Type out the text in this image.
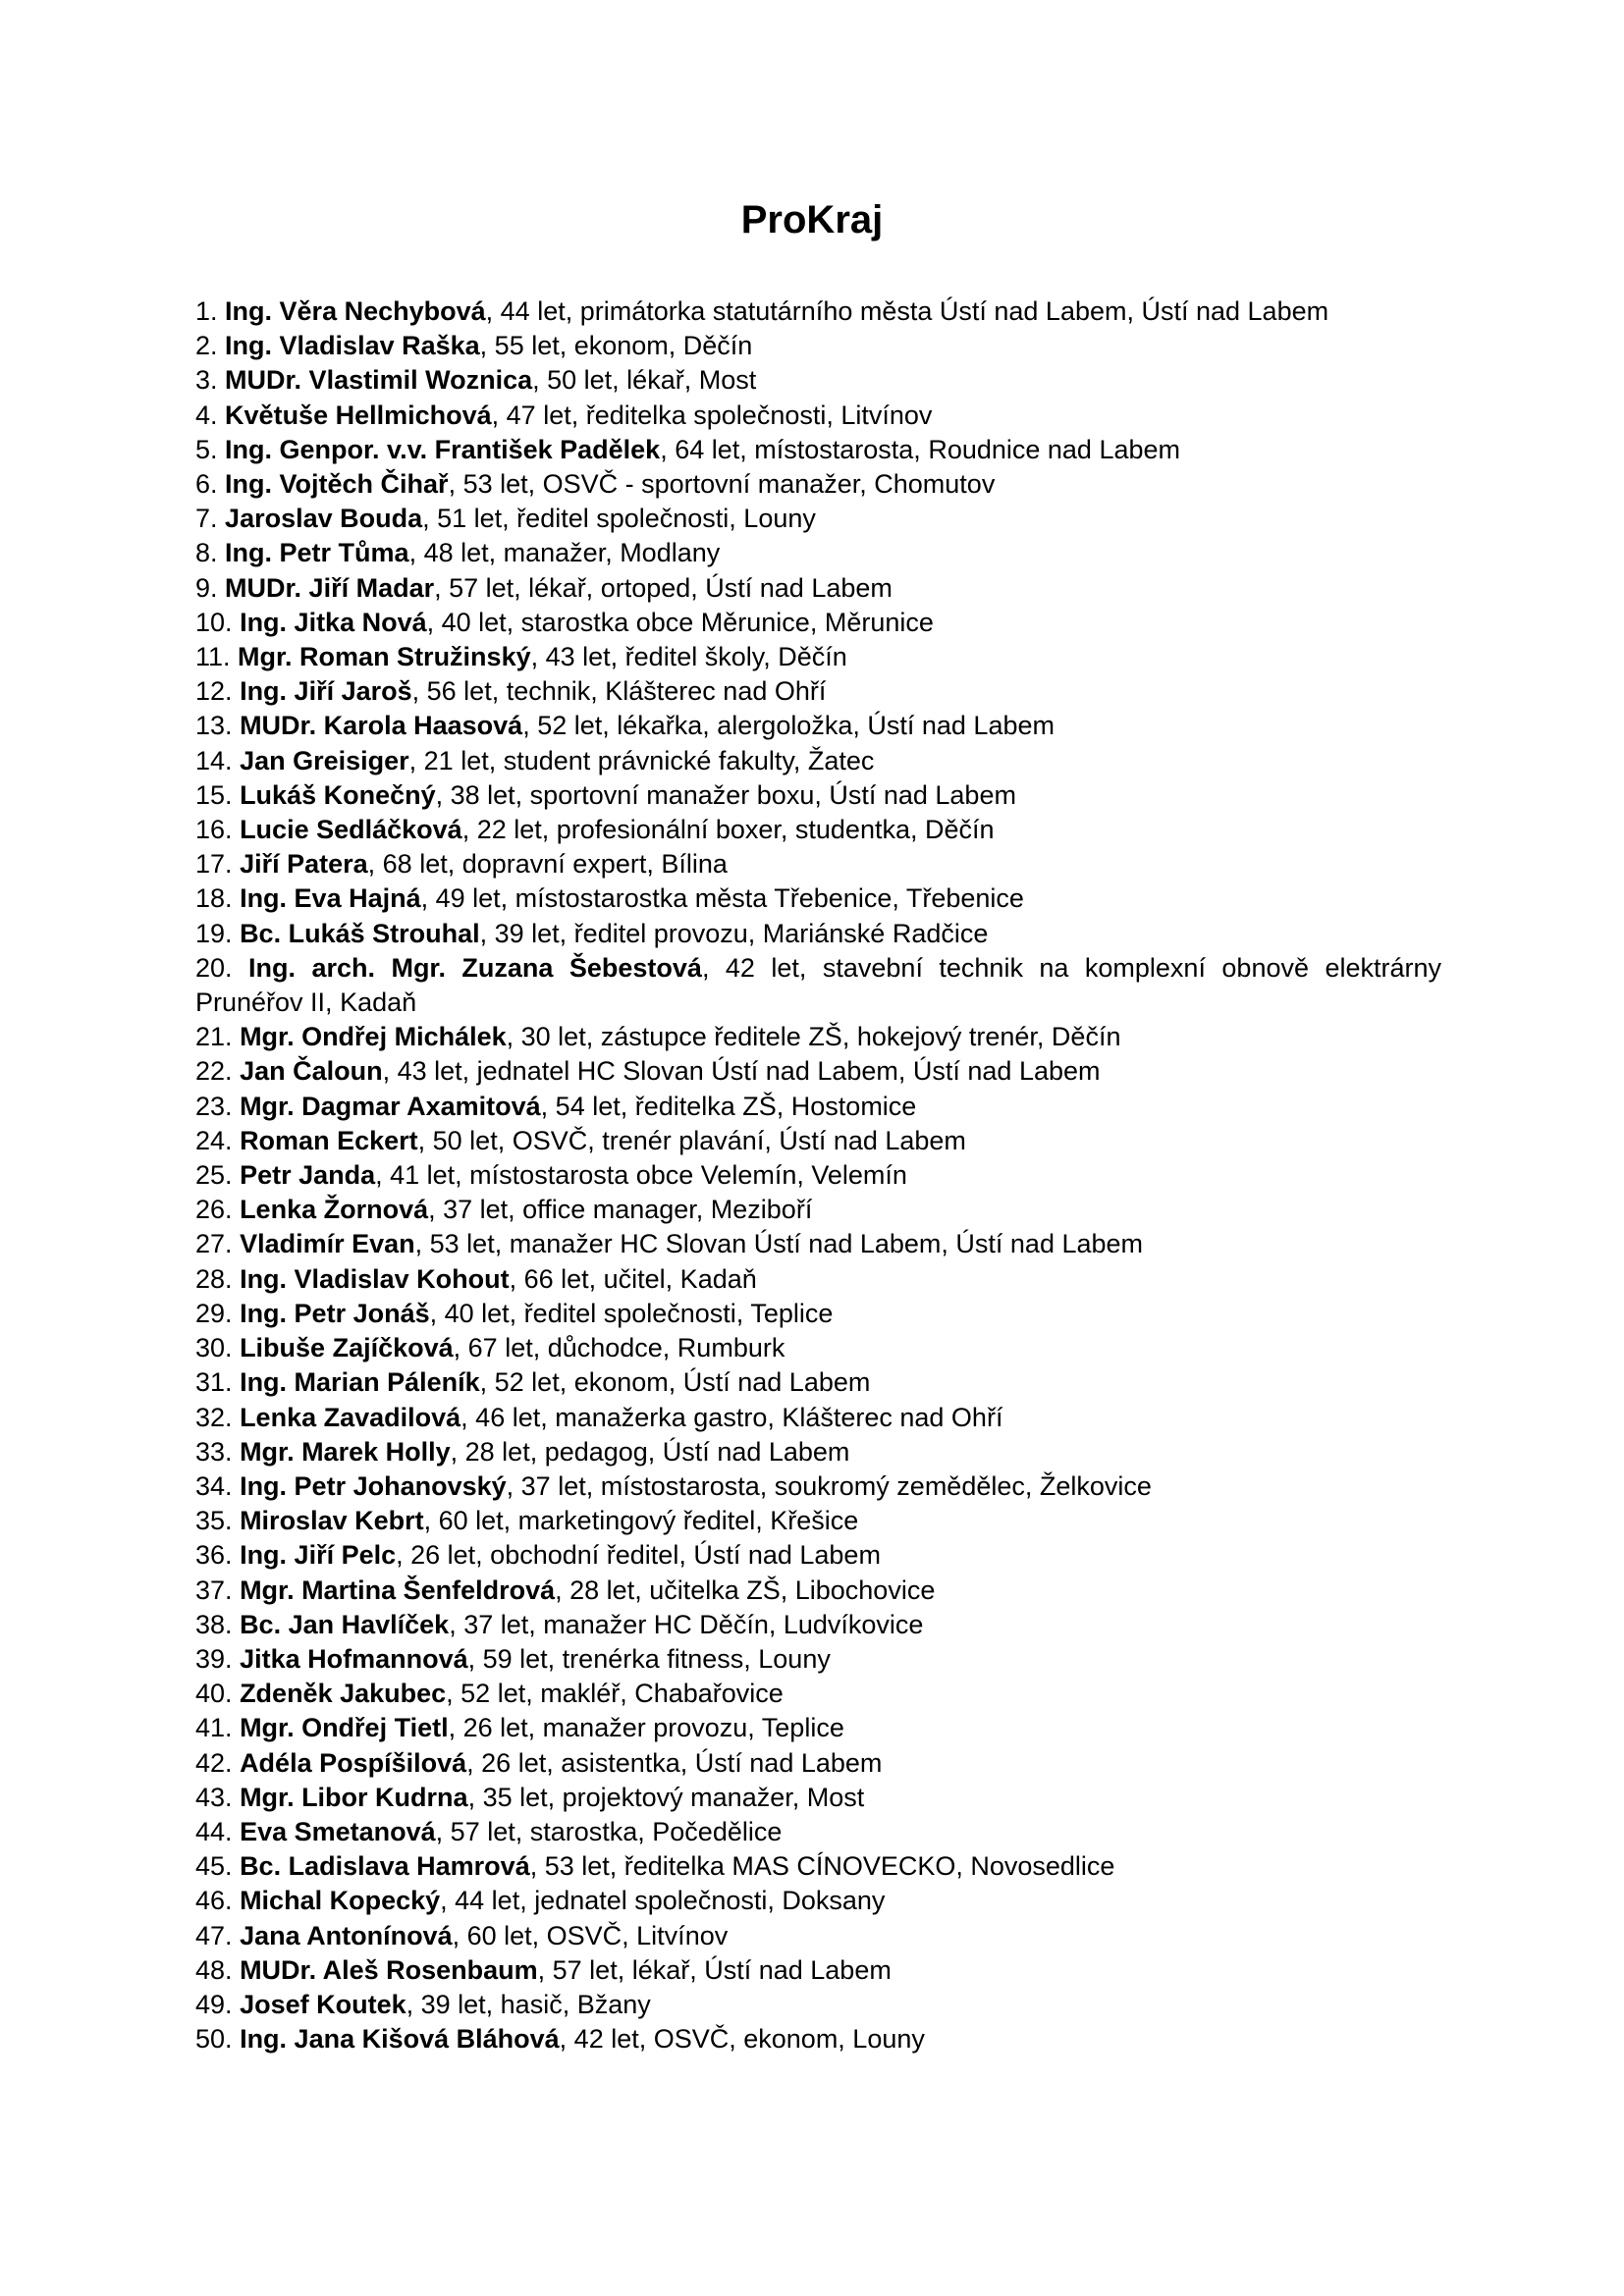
ProKraj

1. Ing. Věra Nechybová, 44 let, primátorka statutárního města Ústí nad Labem, Ústí nad Labem

2. Ing. Vladislav Raška, 55 let, ekonom, Děčín

3. MUDr. Vlastimil Woznica, 50 let, lékař, Most

4. Květuše Hellmichová, 47 let, ředitelka společnosti, Litvínov

5. Ing. Genpor. v.v. František Padělek, 64 let, místostarosta, Roudnice nad Labem

6. Ing. Vojtěch Čihař, 53 let, OSVČ - sportovní manažer, Chomutov

7. Jaroslav Bouda, 51 let, ředitel společnosti, Louny

8. Ing. Petr Tůma, 48 let, manažer, Modlany

9. MUDr. Jiří Madar, 57 let, lékař, ortoped, Ústí nad Labem

10. Ing. Jitka Nová, 40 let, starostka obce Měrunice, Měrunice

11. Mgr. Roman Stružinský, 43 let, ředitel školy, Děčín

12. Ing. Jiří Jaroš, 56 let, technik, Klášterec nad Ohří

13. MUDr. Karola Haasová, 52 let, lékařka, alergoložka, Ústí nad Labem

14. Jan Greisiger, 21 let, student právnické fakulty, Žatec

15. Lukáš Konečný, 38 let, sportovní manažer boxu, Ústí nad Labem

16. Lucie Sedláčková, 22 let, profesionální boxer, studentka, Děčín

17. Jiří Patera, 68 let, dopravní expert, Bílina

18. Ing. Eva Hajná, 49 let, místostarostka města Třebenice, Třebenice

19. Bc. Lukáš Strouhal, 39 let, ředitel provozu, Mariánské Radčice

20. Ing. arch. Mgr. Zuzana Šebestová, 42 let, stavební technik na komplexní obnově elektrárny Prunéřov II, Kadaň

21. Mgr. Ondřej Michálek, 30 let, zástupce ředitele ZŠ, hokejový trenér, Děčín

22. Jan Čaloun, 43 let, jednatel HC Slovan Ústí nad Labem, Ústí nad Labem

23. Mgr. Dagmar Axamitová, 54 let, ředitelka ZŠ, Hostomice

24. Roman Eckert, 50 let, OSVČ, trenér plavání, Ústí nad Labem

25. Petr Janda, 41 let, místostarosta obce Velemín, Velemín

26. Lenka Žornová, 37 let, office manager, Meziboří

27. Vladimír Evan, 53 let, manažer HC Slovan Ústí nad Labem, Ústí nad Labem

28. Ing. Vladislav Kohout, 66 let, učitel, Kadaň

29. Ing. Petr Jonáš, 40 let, ředitel společnosti, Teplice

30. Libuše Zajíčková, 67 let, důchodce, Rumburk

31. Ing. Marian Páleník, 52 let, ekonom, Ústí nad Labem

32. Lenka Zavadilová, 46 let, manažerka gastro, Klášterec nad Ohří

33. Mgr. Marek Holly, 28 let, pedagog, Ústí nad Labem

34. Ing. Petr Johanovský, 37 let, místostarosta, soukromý zemědělec, Želkovice

35. Miroslav Kebrt, 60 let, marketingový ředitel, Křešice

36. Ing. Jiří Pelc, 26 let, obchodní ředitel, Ústí nad Labem

37. Mgr. Martina Šenfeldrová, 28 let, učitelka ZŠ, Libochovice

38. Bc. Jan Havlíček, 37 let, manažer HC Děčín, Ludvíkovice

39. Jitka Hofmannová, 59 let, trenérka fitness, Louny

40. Zdeněk Jakubec, 52 let, makléř, Chabařovice

41. Mgr. Ondřej Tietl, 26 let, manažer provozu, Teplice

42. Adéla Pospíšilová, 26 let, asistentka, Ústí nad Labem

43. Mgr. Libor Kudrna, 35 let, projektový manažer, Most

44. Eva Smetanová, 57 let, starostka, Počedělice

45. Bc. Ladislava Hamrová, 53 let, ředitelka MAS CÍNOVECKO, Novosedlice

46. Michal Kopecký, 44 let, jednatel společnosti, Doksany

47. Jana Antonínová, 60 let, OSVČ, Litvínov

48. MUDr. Aleš Rosenbaum, 57 let, lékař, Ústí nad Labem

49. Josef Koutek, 39 let, hasič, Bžany

50. Ing. Jana Kišová Bláhová, 42 let, OSVČ, ekonom, Louny
